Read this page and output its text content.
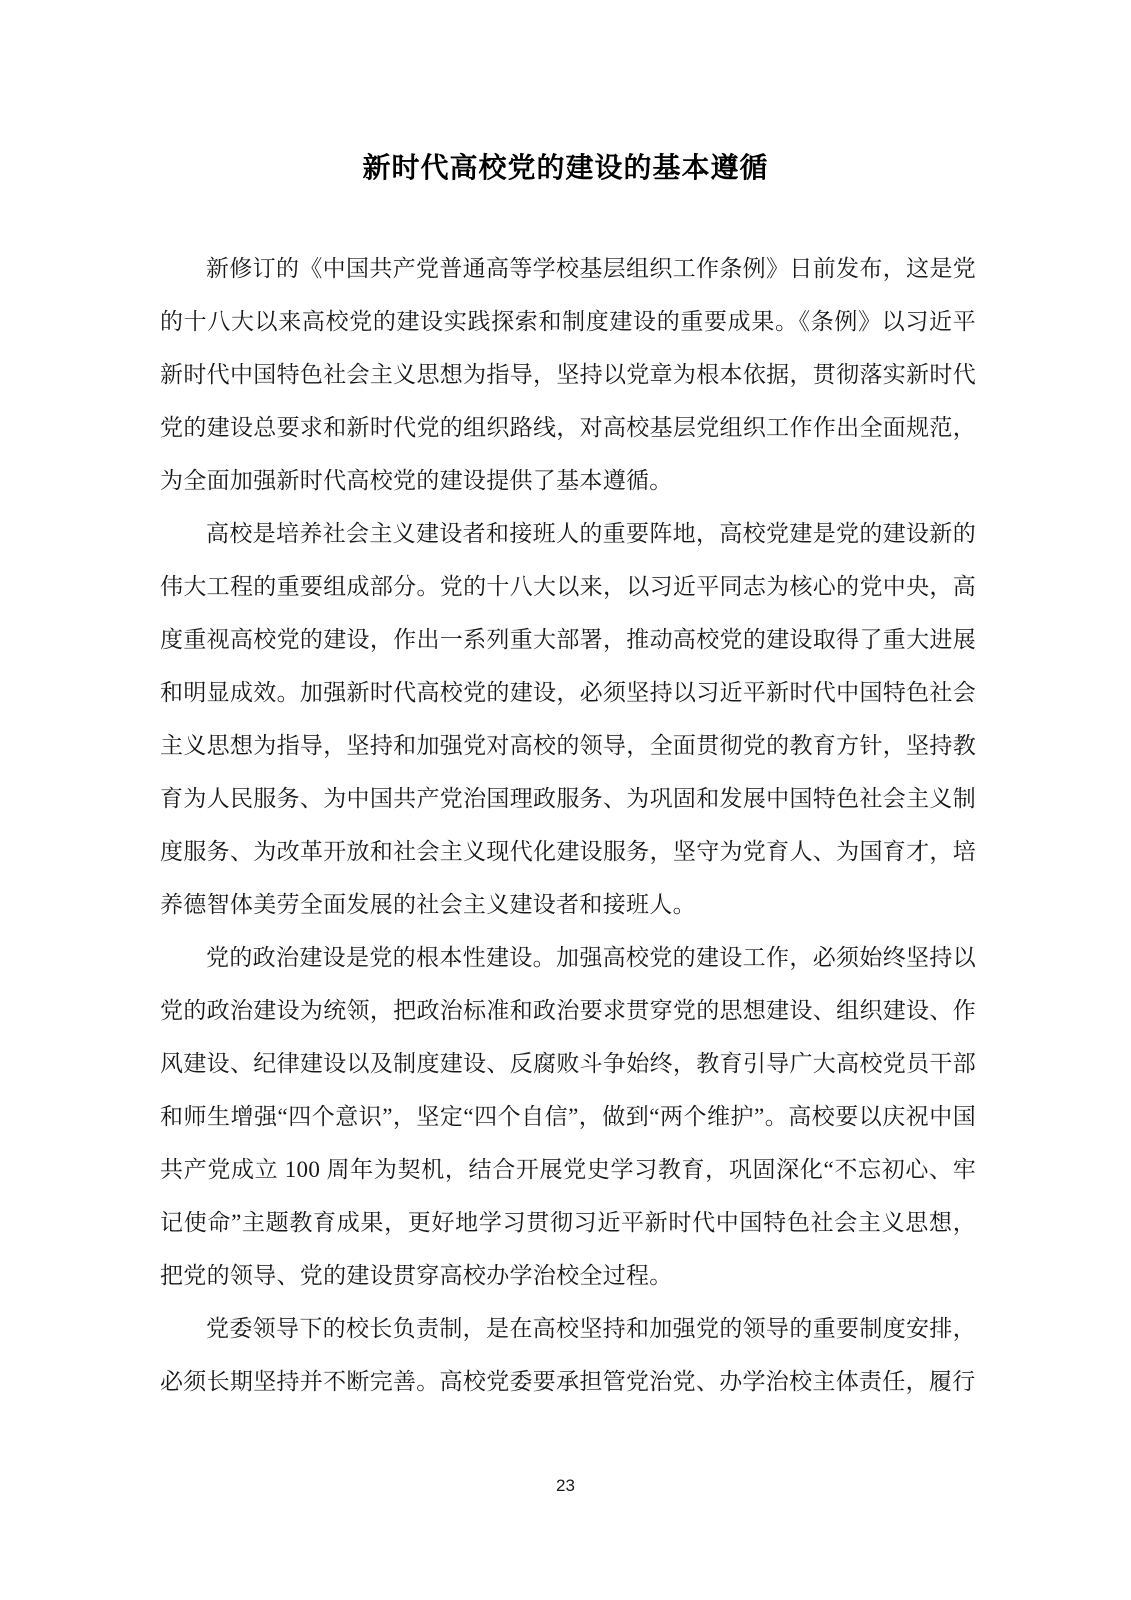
新时代高校党的建设的基本遵循

新修订的《中国共产党普通高等学校基层组织工作条例》日前发布，这是党的十八大以来高校党的建设实践探索和制度建设的重要成果。《条例》以习近平新时代中国特色社会主义思想为指导，坚持以党章为根本依据，贯彻落实新时代党的建设总要求和新时代党的组织路线，对高校基层党组织工作作出全面规范，为全面加强新时代高校党的建设提供了基本遵循。

高校是培养社会主义建设者和接班人的重要阵地，高校党建是党的建设新的伟大工程的重要组成部分。党的十八大以来，以习近平同志为核心的党中央，高度重视高校党的建设，作出一系列重大部署，推动高校党的建设取得了重大进展和明显成效。加强新时代高校党的建设，必须坚持以习近平新时代中国特色社会主义思想为指导，坚持和加强党对高校的领导，全面贯彻党的教育方针，坚持教育为人民服务、为中国共产党治国理政服务、为巩固和发展中国特色社会主义制度服务、为改革开放和社会主义现代化建设服务，坚守为党育人、为国育才，培养德智体美劳全面发展的社会主义建设者和接班人。

党的政治建设是党的根本性建设。加强高校党的建设工作，必须始终坚持以党的政治建设为统领，把政治标准和政治要求贯穿党的思想建设、组织建设、作风建设、纪律建设以及制度建设、反腐败斗争始终，教育引导广大高校党员干部和师生增强“四个意识”，坚定“四个自信”，做到“两个维护”。高校要以庆祝中国共产党成立 100 周年为契机，结合开展党史学习教育，巩固深化“不忘初心、牢记使命”主题教育成果，更好地学习贯彻习近平新时代中国特色社会主义思想，把党的领导、党的建设贯穿高校办学治校全过程。

党委领导下的校长负责制，是在高校坚持和加强党的领导的重要制度安排，必须长期坚持并不断完善。高校党委要承担管党治党、办学治校主体责任，履行

23
